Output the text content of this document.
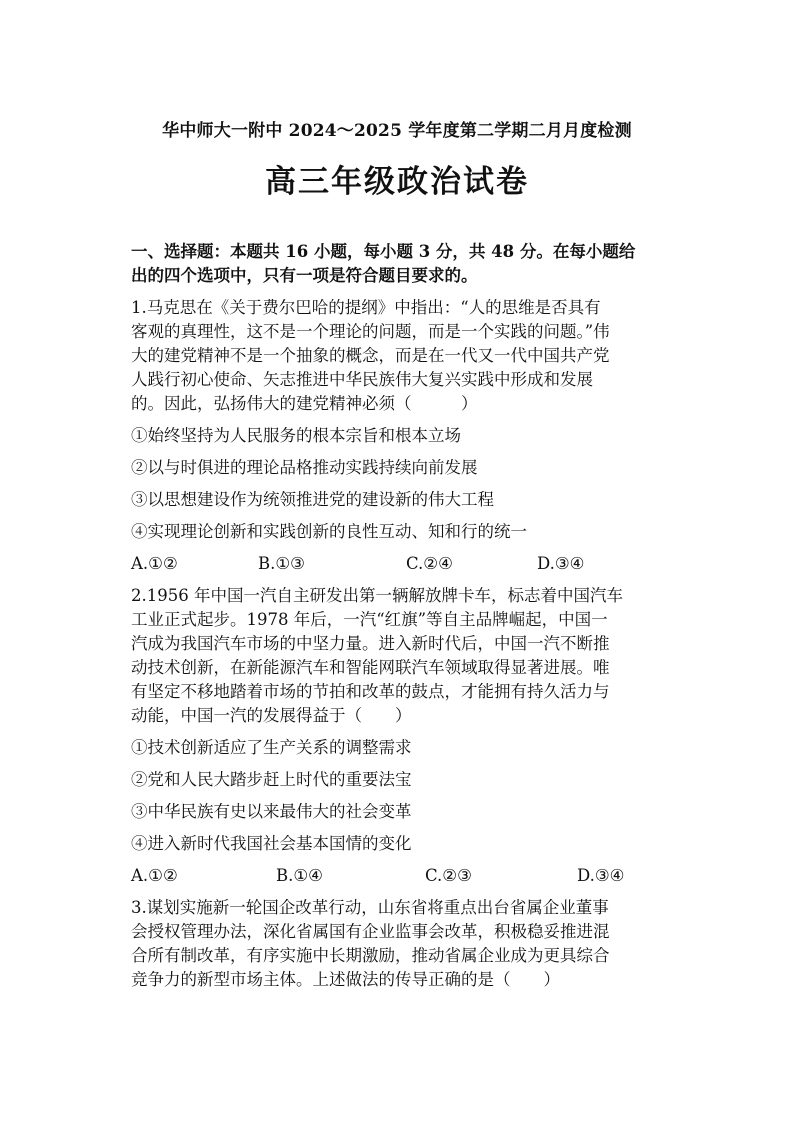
华中师大一附中 2024～2025 学年度第二学期二月月度检测
高三年级政治试卷
一、选择题：本题共 16 小题，每小题 3 分，共 48 分。在每小题给
出的四个选项中，只有一项是符合题目要求的。
1.马克思在《关于费尔巴哈的提纲》中指出：“人的思维是否具有
客观的真理性，这不是一个理论的问题，而是一个实践的问题。”伟
大的建党精神不是一个抽象的概念，而是在一代又一代中国共产党
人践行初心使命、矢志推进中华民族伟大复兴实践中形成和发展
的。因此，弘扬伟大的建党精神必须（　　　）
①始终坚持为人民服务的根本宗旨和根本立场
②以与时俱进的理论品格推动实践持续向前发展
③以思想建设作为统领推进党的建设新的伟大工程
④实现理论创新和实践创新的良性互动、知和行的统一
A.①②	B.①③	C.②④	D.③④
2.1956 年中国一汽自主研发出第一辆解放牌卡车，标志着中国汽车
工业正式起步。1978 年后，一汽“红旗”等自主品牌崛起，中国一
汽成为我国汽车市场的中坚力量。进入新时代后，中国一汽不断推
动技术创新，在新能源汽车和智能网联汽车领域取得显著进展。唯
有坚定不移地踏着市场的节拍和改革的鼓点，才能拥有持久活力与
动能，中国一汽的发展得益于（　　）
①技术创新适应了生产关系的调整需求
②党和人民大踏步赶上时代的重要法宝
③中华民族有史以来最伟大的社会变革
④进入新时代我国社会基本国情的变化
A.①②	B.①④	C.②③	D.③④
3.谋划实施新一轮国企改革行动，山东省将重点出台省属企业董事
会授权管理办法，深化省属国有企业监事会改革，积极稳妥推进混
合所有制改革，有序实施中长期激励，推动省属企业成为更具综合
竞争力的新型市场主体。上述做法的传导正确的是（　　）
